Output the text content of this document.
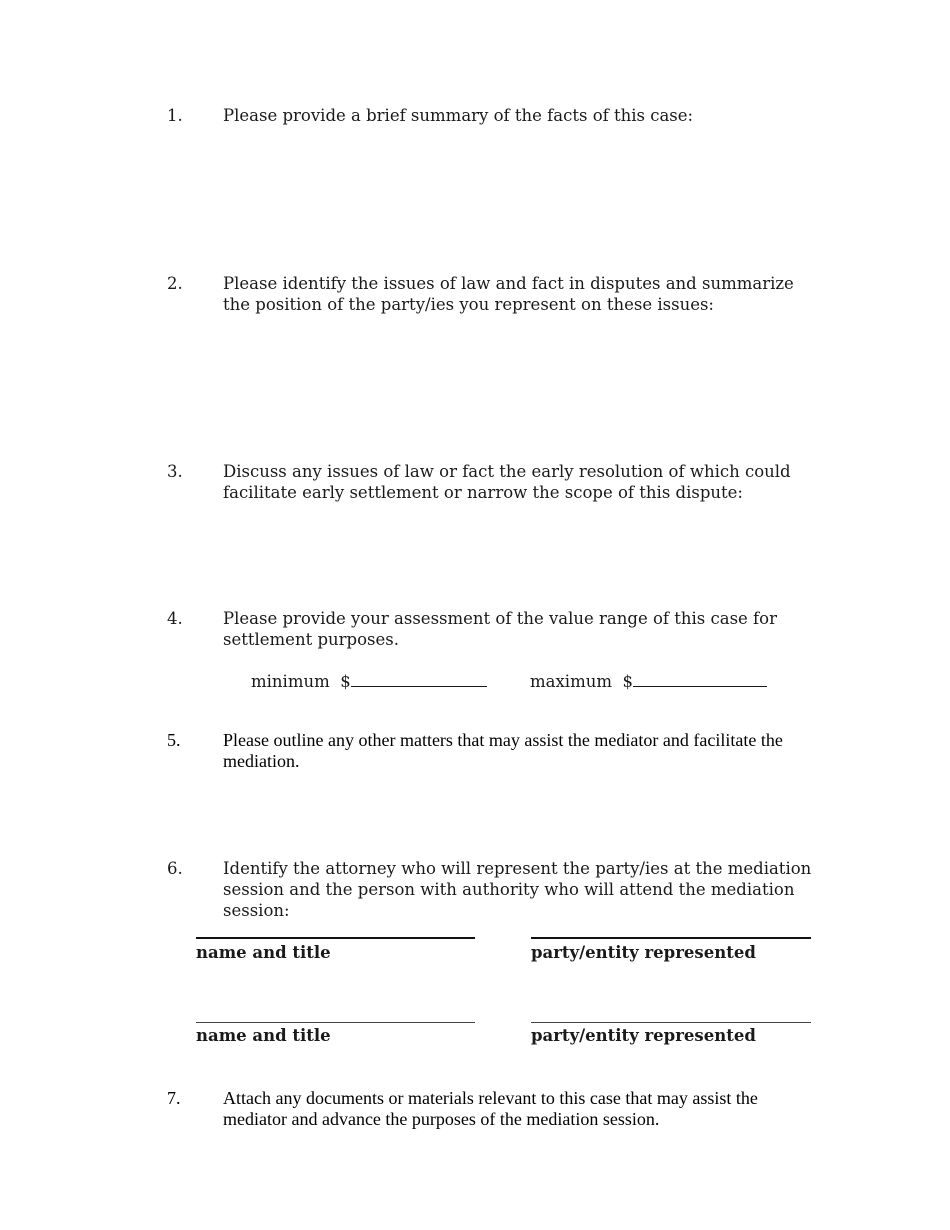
1. Please provide a brief summary of the facts of this case:
2. Please identify the issues of law and fact in disputes and summarize the position of the party/ies you represent on these issues:
3. Discuss any issues of law or fact the early resolution of which could facilitate early settlement or narrow the scope of this dispute:
4. Please provide your assessment of the value range of this case for settlement purposes.
minimum $	maximum $
5. Please outline any other matters that may assist the mediator and facilitate the mediation.
6. Identify the attorney who will represent the party/ies at the mediation session and the person with authority who will attend the mediation session:
name and title	party/entity represented
name and title	party/entity represented
7. Attach any documents or materials relevant to this case that may assist the mediator and advance the purposes of the mediation session.
